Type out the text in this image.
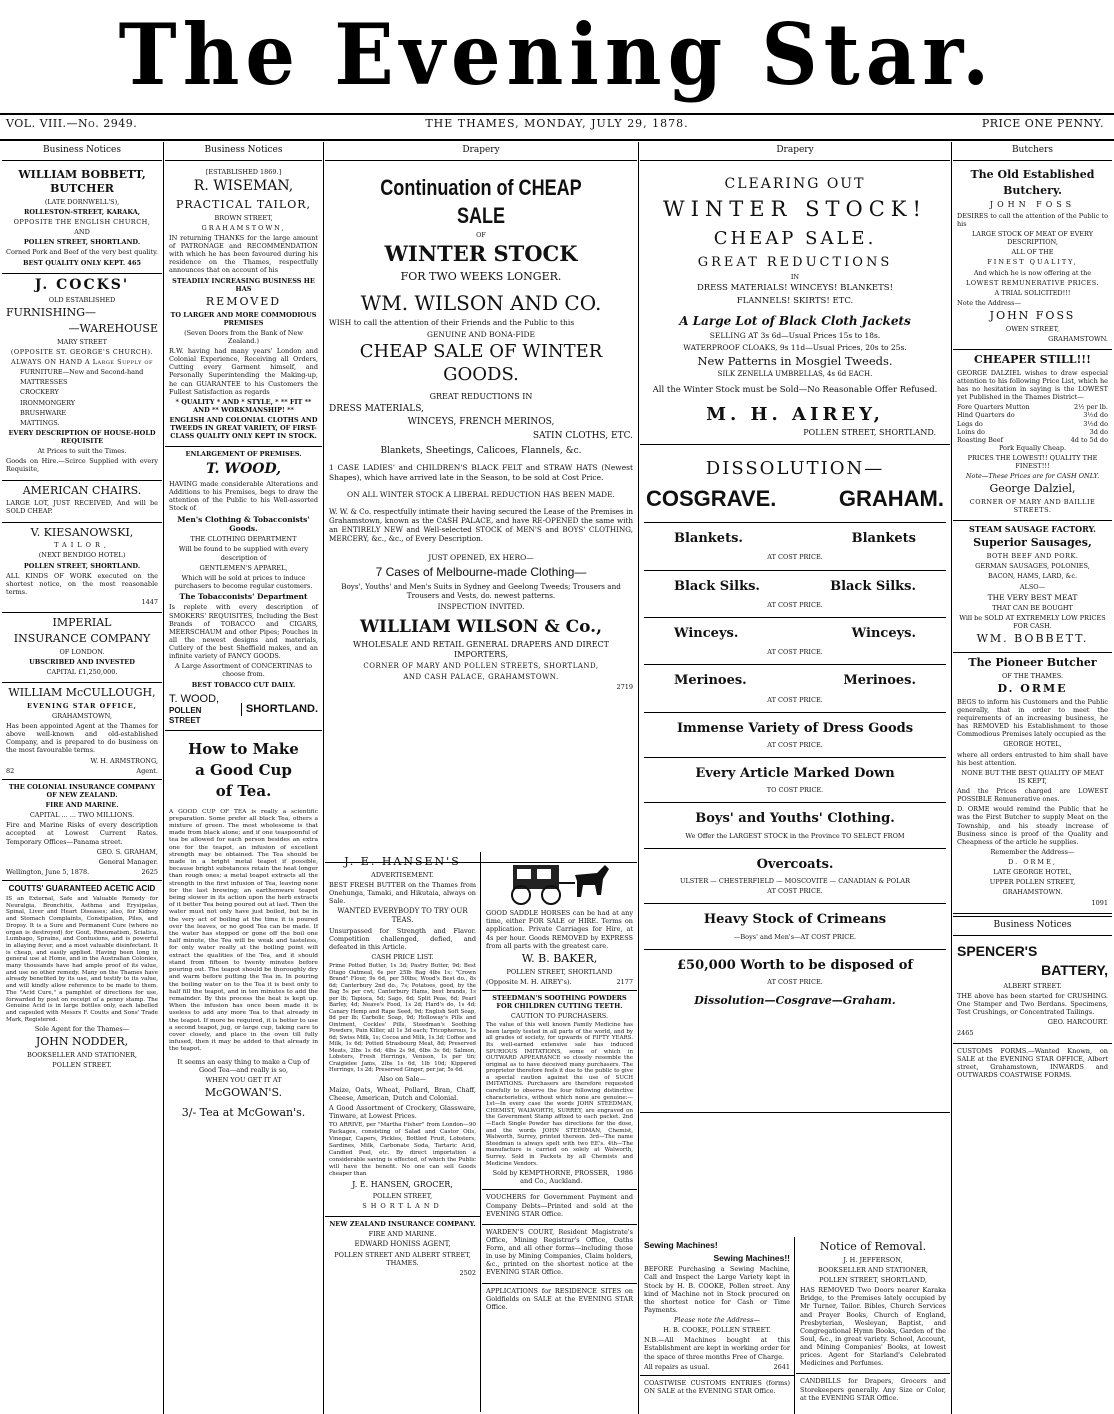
The Evening Star.
VOL. VIII.—No. 2949.	THE THAMES, MONDAY, JULY 29, 1878.	PRICE ONE PENNY.
Business Notices

WILLIAM BOBBETT, BUTCHER

(LATE DORNWELL'S),

ROLLESTON-STREET, KARAKA,

OPPOSITE THE ENGLISH CHURCH,

AND

POLLEN STREET, SHORTLAND.

Corned Pork and Beef of the very best quality.

BEST QUALITY ONLY KEPT. 465

J. COCKS'

OLD ESTABLISHED

FURNISHING—

—WAREHOUSE

MARY STREET

(OPPOSITE ST. GEORGE'S CHURCH).

ALWAYS ON HAND A Large Supply of

FURNITURE—New and Second-hand

MATTRESSES

CROCKERY

IRONMONGERY

BRUSHWARE

MATTINGS.

EVERY DESCRIPTION OF HOUSE-HOLD REQUISITE

At Prices to suit the Times.

Goods on Hire.—Scirce Supplied with every Requisite,

AMERICAN CHAIRS.

LARGE LOT, JUST RECEIVED, And will be SOLD CHEAP.

V. KIESANOWSKI,

TAILOR,

(NEXT BENDIGO HOTEL)

POLLEN STREET, SHORTLAND.

ALL KINDS OF WORK executed on the shortest notice, on the most reasonable terms.

1447

IMPERIAL

INSURANCE COMPANY

OF LONDON.

UBSCRIBED AND INVESTED

CAPITAL £1,250,000.

WILLIAM McCULLOUGH,

EVENING STAR OFFICE,

GRAHAMSTOWN,

Has been appointed Agent at the Thames for above well-known and old-established Company, and is prepared to do business on the most favourable terms.

W. H. ARMSTRONG,

82	Agent.

THE COLONIAL INSURANCE COMPANY OF NEW ZEALAND.

FIRE AND MARINE.

CAPITAL ... ... TWO MILLIONS.

Fire and Marine Risks of every description accepted at Lowest Current Rates. Temporary Offices—Panama street.

GEO. S. GRAHAM,

General Manager.

Wellington, June 5, 1878.	2625

COUTTS' GUARANTEED ACETIC ACID

IS an External, Safe and Valuable Remedy for Neuralgia, Bronchitis, Asthma and Erysipelas, Spinal, Liver and Heart Diseases; also, for Kidney and Stomach Complaints, Constipation, Piles, and Dropsy. It is a Sure and Permanent Cure (where no organ is destroyed) for Gout, Rheumatism, Sciatica, Lumbago, Sprains, and Contusions, and is powerful in allaying fever, and a most valuable disinfectant. It is cheap, and easily applied. Having been long in general use at Home, and in the Australian Colonies, many thousands have had ample proof of its value, and use no other remedy. Many on the Thames have already benefited by its use, and testify to its value, and will kindly allow reference to be made to them. The "Acid Cure," a pamphlet of directions for use, forwarded by post on receipt of a penny stamp. The Genuine Acid is in large bottles only, each labelled and capsuled with Messrs F. Coutts and Sons' Trade Mark, Registered.

Sole Agent for the Thames—

JOHN NODDER,

BOOKSELLER AND STATIONER,

POLLEN STREET.

Business Notices

[ESTABLISHED 1869.]

R. WISEMAN,

PRACTICAL TAILOR,

BROWN STREET,

GRAHAMSTOWN,

IN returning THANKS for the large amount of PATRONAGE and RECOMMENDATION with which he has been favoured during his residence on the Thames, respectfully announces that on account of his

STEADILY INCREASING BUSINESS HE HAS

REMOVED

TO LARGER AND MORE COMMODIOUS PREMISES

(Seven Doors from the Bank of New Zealand.)

R.W. having had many years' London and Colonial Experience, Receiving all Orders, Cutting every Garment himself, and Personally Superintending the Making-up, he can GUARANTEE to his Customers the Fullest Satisfaction as regards

* QUALITY * AND * STYLE, * ** FIT ** AND ** WORKMANSHIP! **

ENGLISH AND COLONIAL CLOTHS AND TWEEDS IN GREAT VARIETY, OF FIRST-CLASS QUALITY ONLY KEPT IN STOCK.

ENLARGEMENT OF PREMISES.

T. WOOD,

HAVING made considerable Alterations and Additions to his Premises, begs to draw the attention of the Public to his Well-assorted Stock of

Men's Clothing & Tobacconists' Goods.

THE CLOTHING DEPARTMENT

Will be found to be supplied with every description of

GENTLEMEN'S APPAREL,

Which will be sold at prices to induce purchasers to become regular customers.

The Tobacconists' Department

Is replete with every description of SMOKERS' REQUISITES, Including the Best Brands of TOBACCO and CIGARS, MEERSCHAUM and other Pipes; Pouches in all the newest designs and materials, Cutlery of the best Sheffield makes, and an infinite variety of FANCY GOODS.

A Large Assortment of CONCERTINAS to choose from.

BEST TOBACCO CUT DAILY.

T. WOOD,
POLLEN STREET
SHORTLAND.

How to Make

a Good Cup

of Tea.

A GOOD CUP OF TEA is really a scientific preparation. Some prefer all black Tea, others a mixture of green. The most wholesome is that made from black alone; and if one teaspoonful of tea be allowed for each person besides an extra one for the teapot, an infusion of excellent strength may be obtained. The Tea should be made in a bright metal teapot if possible, because bright substances retain the heat longer than rough ones; a metal teapot extracts all the strength in the first infusion of Tea, leaving none for the last brewing; an earthenware teapot being slower in its action upon the herb extracts of it better Tea being poured out at last. Then the water must not only have just boiled, but be in the very act of boiling at the time it is poured over the leaves, or no good Tea can be made. If the water has stopped or gone off the boil one half minute, the Tea will be weak and tasteless, for only water really at the boiling point will extract the qualities of the Tea, and it should stand from fifteen to twenty minutes before pouring out. The teapot should be thoroughly dry and warm before putting the Tea in. In pouring the boiling water on to the Tea it is best only to half fill the teapot, and in ten minutes to add the remainder. By this process the heat is kept up. When the infusion has once been made it is useless to add any more Tea to that already in the teapot. If more be required, it is better to use a second teapot, jug, or large cup, taking care to cover closely, and place in the oven till fully infused, then it may be added to that already in the teapot.

It seems an easy thing to make a Cup of Good Tea—and really is so,

WHEN YOU GET IT AT

McGOWAN'S.

3/- Tea at McGowan's.

Drapery

Continuation of CHEAP SALE

OF

WINTER STOCK

FOR TWO WEEKS LONGER.

WM. WILSON AND CO.

WISH to call the attention of their Friends and the Public to this

GENUINE AND BONA-FIDE

CHEAP SALE OF WINTER GOODS.

GREAT REDUCTIONS IN

DRESS MATERIALS,

WINCEYS, FRENCH MERINOS,

SATIN CLOTHS, ETC.

Blankets, Sheetings, Calicoes, Flannels, &c.

1 CASE LADIES' and CHILDREN'S BLACK FELT and STRAW HATS (Newest Shapes), which have arrived late in the Season, to be sold at Cost Price.

ON ALL WINTER STOCK A LIBERAL REDUCTION HAS BEEN MADE.

W. W. & Co. respectfully intimate their having secured the Lease of the Premises in Grahamstown, known as the CASH PALACE, and have RE-OPENED the same with an ENTIRELY NEW and Well-selected STOCK of MEN'S and BOYS' CLOTHING, MERCERY, &c., &c., of Every Description.

JUST OPENED, EX HERO—

7 Cases of Melbourne-made Clothing—

Boys', Youths' and Men's Suits in Sydney and Geelong Tweeds; Trousers and Trousers and Vests, do. newest patterns.

INSPECTION INVITED.

WILLIAM WILSON & Co.,

WHOLESALE AND RETAIL GENERAL DRAPERS AND DIRECT IMPORTERS,

CORNER OF MARY AND POLLEN STREETS, SHORTLAND,

AND CASH PALACE, GRAHAMSTOWN.

2719

J. E. HANSEN'S

ADVERTISEMENT.

BEST FRESH BUTTER on the Thames from Onehunga, Tamaki, and Hikutaia, always on Sale.

WANTED EVERYBODY TO TRY OUR TEAS.

Unsurpassed for Strength and Flavor. Competition challenged, defied, and defeated in this Article.

CASH PRICE LIST.

Prime Potted Butter, 1s 3d; Pastry Butter, 9d; Best Otago Oatmeal, 6s per 25lb Bag 4lbs 1s; "Crown Brand" Flour, 9s 6d, per 50lbs; Wood's Best do., 8s 6d; Canterbury 2nd do., 7s; Potatoes, good, by the Bag 5s per cwt; Canterbury Hams, best brands, 1s per lb; Tapioca, 5d; Sago, 6d; Split Peas, 6d; Pearl Barley, 4d; Neave's Food, 1s 2d; Hard's do, 1s 4d; Canary Hemp and Rape Seed, 9d; English Soft Soap, 8d per lb; Carbolic Soap, 9d; Holloway's Pills and Ointment, Cockles' Pills, Steedman's Soothing Powders, Pain Killer, all 1s 3d each; Tricopherous, 1s 6d; Swiss Milk, 1s; Cocoa and Milk, 1s 3d; Coffee and Milk, 1s 6d; Potted Strasbourg Meat, 8d; Preserved Meats, 2lbs 1s 6d; 4lbs 2s 9d, 6lbs 3s 6d; Salmon, Lobsters, Fresh Herrings, Venison, 1s per tin; Craigielee Jams, 2lbs 1s 6d, 1lb 10d; Kippered Herrings, 1s 2d; Preserved Ginger, per jar, 5s 6d.

Also on Sale—

Maize, Oats, Wheat, Pollard, Bran, Chaff, Cheese, American, Dutch and Colonial.

A Good Assortment of Crockery, Glassware, Tinware, at Lowest Prices.

TO ARRIVE, per "Martha Fisher" from London—90 Packages, consisting of Salad and Castor Oils, Vinegar, Capers, Pickles, Bottled Fruit, Lobsters, Sardines, Milk, Carbonate Soda, Tartaric Acid, Candied Peel, etc. By direct importation a considerable saving is effected, of which the Public will have the benefit. No one can sell Goods cheaper than

J. E. HANSEN, GROCER,

POLLEN STREET,

SHORTLAND

NEW ZEALAND INSURANCE COMPANY.

FIRE AND MARINE.

EDWARD HONISS AGENT,

POLLEN STREET AND ALBERT STREET, THAMES.

2502

GOOD SADDLE HORSES can be had at any time, either FOR SALE or HIRE. Terms on application. Private Carriages for Hire, at 4s per hour. Goods REMOVED by EXPRESS from all parts with the greatest care.

W. B. BAKER,

POLLEN STREET, SHORTLAND

(Opposite M. H. AIREY's).	2177

STEEDMAN'S SOOTHING POWDERS FOR CHILDREN CUTTING TEETH.

CAUTION TO PURCHASERS.

The value of this well known Family Medicine has been largely tested in all parts of the world, and by all grades of society, for upwards of FIFTY YEARS. Its well-earned extensive sale has induced SPURIOUS IMITATIONS, some of which in OUTWARD APPEARANCE so closely resemble the original as to have deceived many purchasers. The proprietor therefore feels it due to the public to give a special caution against the use of SUCH IMITATIONS. Purchasers are therefore requested carefully to observe the four following distinctive characteristics, without which none are genuine:— 1st—In every case the words JOHN STEEDMAN, CHEMIST, WALWORTH, SURREY, are engraved on the Government Stamp affixed to each packet. 2nd—Each Single Powder has directions for the dose, and the words JOHN STEEDMAN, Chemist, Walworth, Surrey, printed thereon. 3rd—The name Steedman is always spelt with two EE's. 4th—The manufacture is carried on solely at Walworth, Surrey. Sold in Packets by all Chemists and Medicine Vendors.

Sold by KEMPTHORNE, PROSSER, and Co., Auckland.
1986

VOUCHERS for Government Payment and Company Debts—Printed and sold at the EVENING STAR Office.

WARDEN'S COURT, Resident Magistrate's Office, Mining Registrar's Office, Oaths Form, and all other forms—including those in use by Mining Companies, Claim holders, &c., printed on the shortest notice at the EVENING STAR Office.

APPLICATIONS for RESIDENCE SITES on Goldfields on SALE at the EVENING STAR Office.

Drapery

CLEARING OUT

WINTER STOCK!

CHEAP SALE.

GREAT REDUCTIONS

IN

DRESS MATERIALS! WINCEYS! BLANKETS!

FLANNELS! SKIRTS! ETC.

A Large Lot of Black Cloth Jackets

SELLING AT 3s 6d—Usual Prices 15s to 18s.

WATERPROOF CLOAKS, 9s 11d—Usual Prices, 20s to 25s.

New Patterns in Mosgiel Tweeds.

SILK ZENELLA UMBRELLAS, 4s 6d EACH.

All the Winter Stock must be Sold—No Reasonable Offer Refused.

M. H. AIREY,

POLLEN STREET, SHORTLAND.

DISSOLUTION—

COSGRAVE.	GRAHAM.
Blankets.	Blankets

AT COST PRICE.

Black Silks.	Black Silks.

AT COST PRICE.

Winceys.	Winceys.

AT COST PRICE.

Merinoes.	Merinoes.

AT COST PRICE.

Immense Variety of Dress Goods

AT COST PRICE.

Every Article Marked Down

TO COST PRICE.

Boys' and Youths' Clothing.

We Offer the LARGEST STOCK in the Province TO SELECT FROM

Overcoats.

ULSTER — CHESTERFIELD — MOSCOVITE — CANADIAN & POLAR

AT COST PRICE.

Heavy Stock of Crimeans

—Boys' and Men's—AT COST PRICE.

£50,000 Worth to be disposed of

AT COST PRICE.

Dissolution—Cosgrave—Graham.

Sewing Machines!

Sewing Machines!!

BEFORE Purchasing a Sewing Machine, Call and Inspect the Large Variety kept in Stock by H. B. COOKE, Pollen street. Any kind of Machine not in Stock procured on the shortest notice for Cash or Time Payments.

Please note the Address—

H. B. COOKE, POLLEN STREET.

N.B.—All Machines bought at this Establishment are kept in working order for the space of three months Free of Charge.

All repairs as usual.	2641

COASTWISE CUSTOMS ENTRIES (forms) ON SALE at the EVENING STAR Office.

Notice of Removal.

J. H. JEFFERSON,

BOOKSELLER AND STATIONER,

POLLEN STREET, SHORTLAND,

HAS REMOVED Two Doors nearer Karaka Bridge, to the Premises lately occupied by Mr Turner, Tailor. Bibles, Church Services and Prayer Books, Church of England, Presbyterian, Wesleyan, Baptist, and Congregational Hymn Books, Garden of the Soul, &c., in great variety. School, Account, and Mining Companies' Books, at lowest prices. Agent for Starland's Celebrated Medicines and Perfumes.

CANDBILLS for Drapers, Grocers and Storekeepers generally. Any Size or Color, at the EVENING STAR Office.

Butchers

The Old Established

Butchery.

JOHN FOSS

DESIRES to call the attention of the Public to his

LARGE STOCK OF MEAT OF EVERY DESCRIPTION,

ALL OF THE

FINEST QUALITY,

And which he is now offering at the

LOWEST REMUNERATIVE PRICES.

A TRIAL SOLICITED!!!

Note the Address—

JOHN FOSS

OWEN STREET,

GRAHAMSTOWN.

CHEAPER STILL!!!

GEORGE DALZIEL wishes to draw especial attention to his following Price List, which he has no hesitation in saying is the LOWEST yet Published in the Thames District—

Fore Quarters Mutton	2½ per lb.
Hind Quarters do	3½d do
Legs do	3½d do
Loins do	3d do
Roasting Beef	4d to 5d do

Pork Equally Cheap.

PRICES THE LOWEST!! QUALITY THE FINEST!!!

Note—These Prices are for CASH ONLY.

George Dalziel,

CORNER OF MARY AND BAILLIE STREETS.

STEAM SAUSAGE FACTORY.

Superior Sausages,

BOTH BEEF AND PORK.

GERMAN SAUSAGES, POLONIES,

BACON, HAMS, LARD, &c.

ALSO—

THE VERY BEST MEAT

THAT CAN BE BOUGHT

Will be SOLD AT EXTREMELY LOW PRICES FOR CASH.

WM. BOBBETT.

The Pioneer Butcher

OF THE THAMES.

D. ORME

BEGS to inform his Customers and the Public generally, that in order to meet the requirements of an increasing business, he has REMOVED his Establishment to those Commodious Premises lately occupied as the

GEORGE HOTEL,

where all orders entrusted to him shall have his best attention.

NONE BUT THE BEST QUALITY OF MEAT IS KEPT,

And the Prices charged are LOWEST POSSIBLE Remunerative ones.

D. ORME would remind the Public that he was the First Butcher to supply Meat on the Township, and his steady increase of Business since is proof of the Quality and Cheapness of the article he supplies.

Remember the Address—

D. ORME,

LATE GEORGE HOTEL,

UPPER POLLEN STREET,

GRAHAMSTOWN.

1091

Business Notices

SPENCER'S

BATTERY,

ALBERT STREET.

THE above has been started for CRUSHING. One Stamper and Two Berdans. Specimens, Test Crushings, or Concentrated Tailings.

GEO. HARCOURT.

2465

CUSTOMS FORMS.—Wanted Known, on SALE at the EVENING STAR OFFICE, Albert street, Grahamstown, INWARDS and OUTWARDS COASTWISE FORMS.
